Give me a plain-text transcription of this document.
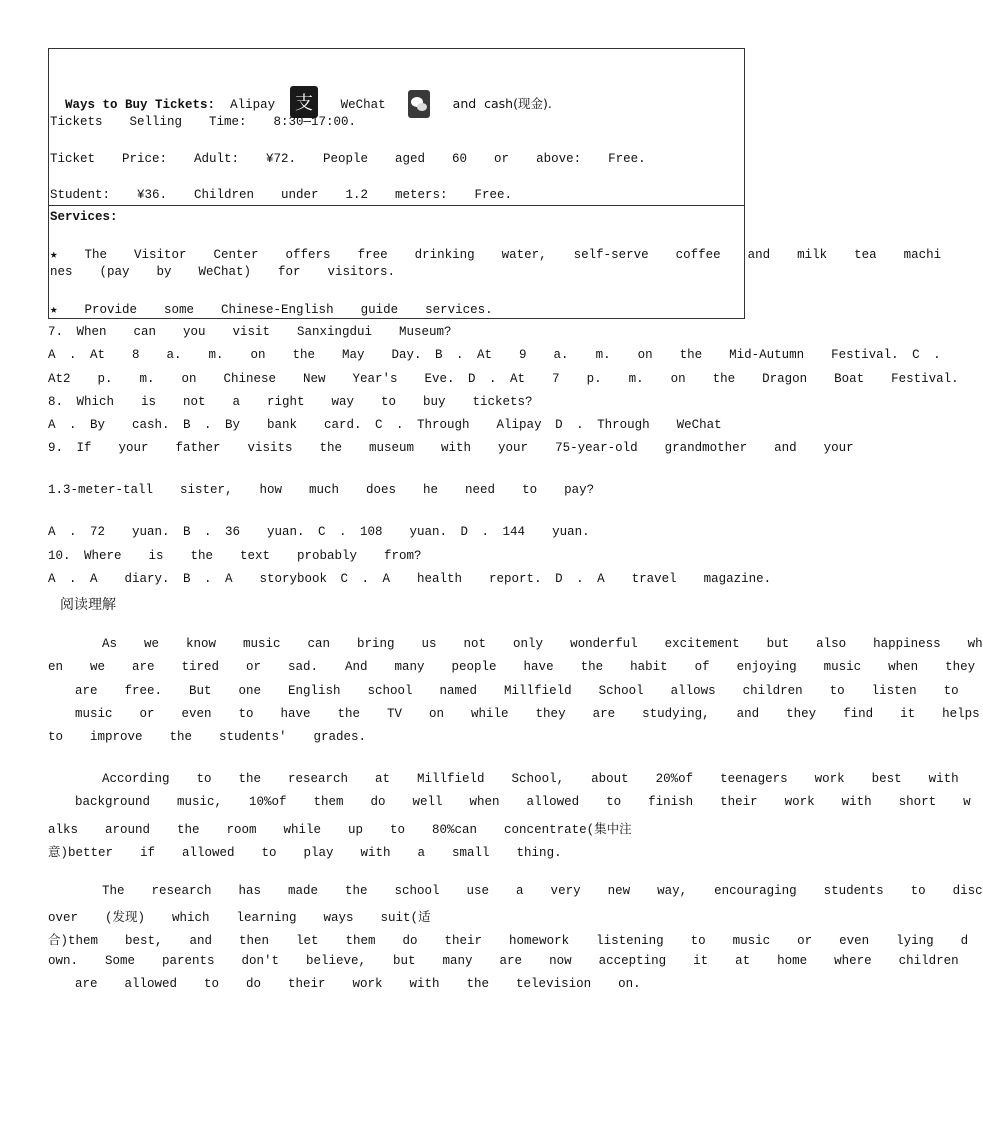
Ways to Buy Tickets: Alipay 支 WeChat	and  cash(现金).

Tickets  Selling  Time:  8:30—17:00.
Ticket  Price:  Adult:  ¥72.  People  aged  60  or  above:  Free.
Student:  ¥36.  Children  under  1.2  meters:  Free.
Services:
★  The  Visitor  Center  offers  free  drinking  water,  self-serve  coffee  and  milk  tea  machi
nes  (pay  by  WeChat)  for  visitors.
★  Provide  some  Chinese-English  guide  services.
7. When  can  you  visit  Sanxingdui  Museum?
A . At  8  a.  m.  on  the  May  Day. B . At  9  a.  m.  on  the  Mid-Autumn  Festival. C .
At2  p.  m.  on  Chinese  New  Year's  Eve. D . At  7  p.  m.  on  the  Dragon  Boat  Festival.
8. Which  is  not  a  right  way  to  buy  tickets?
A . By  cash. B . By  bank  card. C . Through  Alipay D . Through  WeChat
9. If  your  father  visits  the  museum  with  your  75-year-old  grandmother  and  your
1.3-meter-tall  sister,  how  much  does  he  need  to  pay?
A . 72  yuan. B . 36  yuan. C . 108  yuan. D . 144  yuan.
10. Where  is  the  text  probably  from?
A . A  diary. B . A  storybook C . A  health  report. D . A  travel  magazine.
阅读理解
As  we  know  music  can  bring  us  not  only  wonderful  excitement  but  also  happiness  wh
en  we  are  tired  or  sad.  And  many  people  have  the  habit  of  enjoying  music  when  they
are  free.  But  one  English  school  named  Millfield  School  allows  children  to  listen  to
music  or  even  to  have  the  TV  on  while  they  are  studying,  and  they  find  it  helps
to  improve  the  students'  grades.
According  to  the  research  at  Millfield  School,  about  20%of  teenagers  work  best  with
background  music,  10%of  them  do  well  when  allowed  to  finish  their  work  with  short  w
alks  around  the  room  while  up  to  80%can  concentrate(集中注
意)better  if  allowed  to  play  with  a  small  thing.
The  research  has  made  the  school  use  a  very  new  way,  encouraging  students  to  disc
over  (发现)  which  learning  ways  suit(适
合)them  best,  and  then  let  them  do  their  homework  listening  to  music  or  even  lying  d
own.  Some  parents  don't  believe,  but  many  are  now  accepting  it  at  home  where  children
are  allowed  to  do  their  work  with  the  television  on.
